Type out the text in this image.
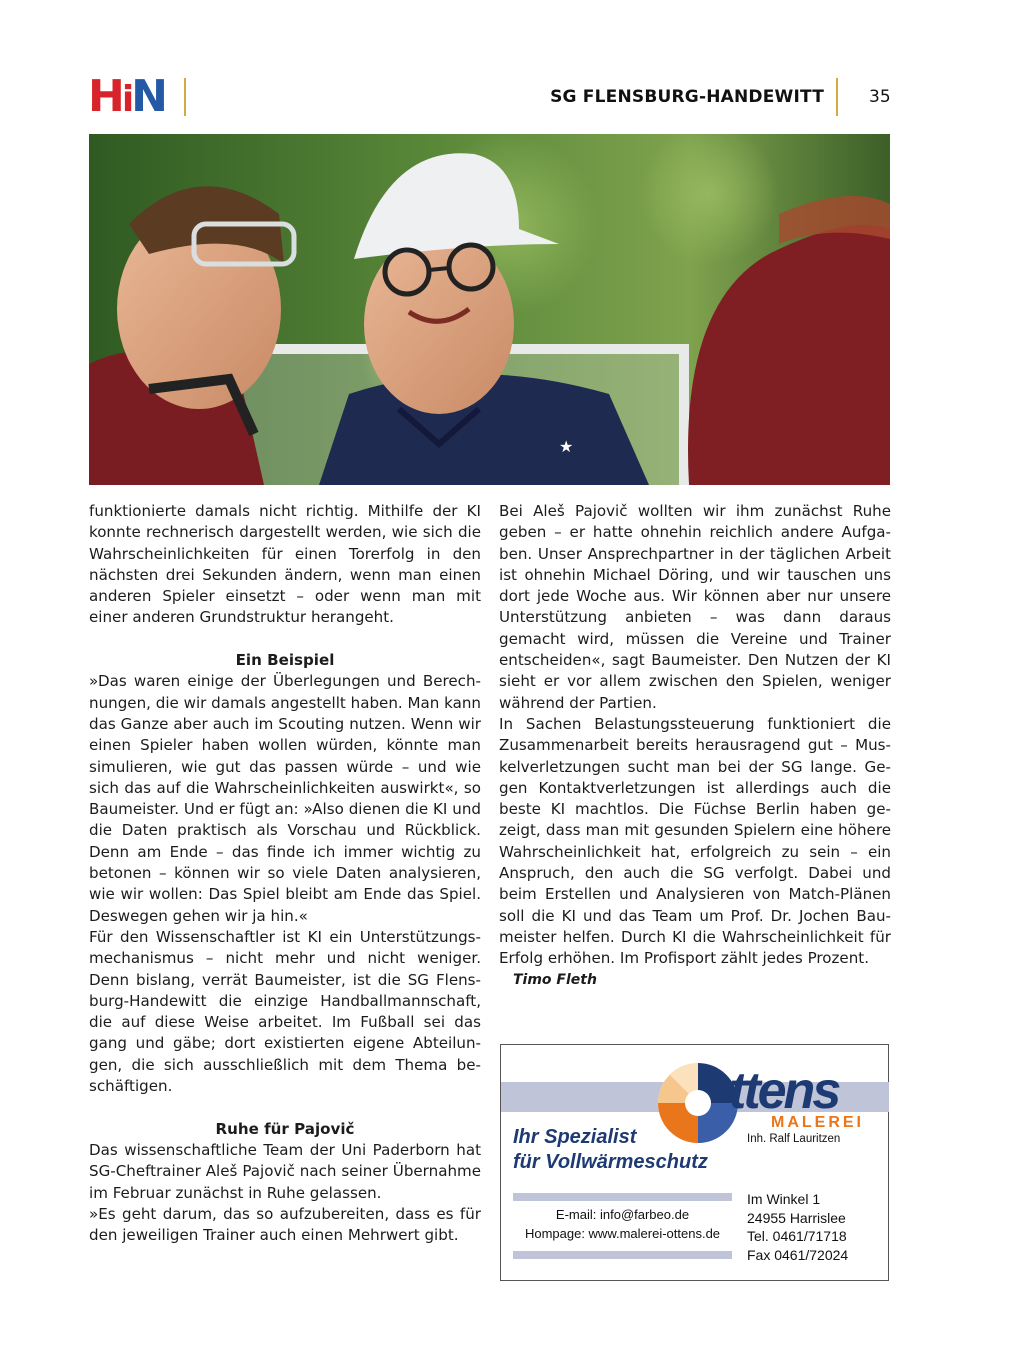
HiN	SG FLENSBURG-HANDEWITT	35
★

funktionierte damals nicht richtig. Mithilfe der KI konnte rechnerisch dargestellt werden, wie sich die Wahrscheinlichkeiten für einen Torerfolg in den nächsten drei Sekunden ändern, wenn man einen anderen Spieler einsetzt – oder wenn man mit einer anderen Grundstruktur herangeht.

Ein Beispiel

»Das waren einige der Überlegungen und Berechnungen, die wir damals angestellt haben. Man kann das Ganze aber auch im Scouting nutzen. Wenn wir einen Spieler haben wollen würden, könnte man simulieren, wie gut das passen würde – und wie sich das auf die Wahrscheinlichkeiten auswirkt«, so Baumeister. Und er fügt an: »Also dienen die KI und die Daten praktisch als Vorschau und Rückblick. Denn am Ende – das finde ich immer wichtig zu betonen – können wir so viele Daten analysieren, wie wir wollen: Das Spiel bleibt am Ende das Spiel. Deswegen gehen wir ja hin.«

Für den Wissenschaftler ist KI ein Unterstützungsmechanismus – nicht mehr und nicht weniger. Denn bislang, verrät Baumeister, ist die SG Flensburg-Handewitt die einzige Handballmannschaft, die auf diese Weise arbeitet. Im Fußball sei das gang und gäbe; dort existierten eigene Abteilungen, die sich ausschließlich mit dem Thema beschäftigen.

Ruhe für Pajovič

Das wissenschaftliche Team der Uni Paderborn hat SG-Cheftrainer Aleš Pajovič nach seiner Übernahme im Februar zunächst in Ruhe gelassen.

»Es geht darum, das so aufzubereiten, dass es für den jeweiligen Trainer auch einen Mehrwert gibt.

Bei Aleš Pajovič wollten wir ihm zunächst Ruhe geben – er hatte ohnehin reichlich andere Aufgaben. Unser Ansprechpartner in der täglichen Arbeit ist ohnehin Michael Döring, und wir tauschen uns dort jede Woche aus. Wir können aber nur unsere Unterstützung anbieten – was dann daraus gemacht wird, müssen die Vereine und Trainer entscheiden«, sagt Baumeister. Den Nutzen der KI sieht er vor allem zwischen den Spielen, weniger während der Partien.

In Sachen Belastungssteuerung funktioniert die Zusammenarbeit bereits herausragend gut – Muskelverletzungen sucht man bei der SG lange. Gegen Kontaktverletzungen ist allerdings auch die beste KI machtlos. Die Füchse Berlin haben gezeigt, dass man mit gesunden Spielern eine höhere Wahrscheinlichkeit hat, erfolgreich zu sein – ein Anspruch, den auch die SG verfolgt. Dabei und beim Erstellen und Analysieren von Match-Plänen soll die KI und das Team um Prof. Dr. Jochen Baumeister helfen. Durch KI die Wahrscheinlichkeit für Erfolg erhöhen. Im Profisport zählt jedes Prozent.

Timo Fleth
ttens
MALEREI
Inh. Ralf Lauritzen
Ihr Spezialist
für Vollwärmeschutz
E-mail: info@farbeo.de
Hompage: www.malerei-ottens.de
Im Winkel 1
24955 Harrislee
Tel. 0461/71718
Fax 0461/72024
